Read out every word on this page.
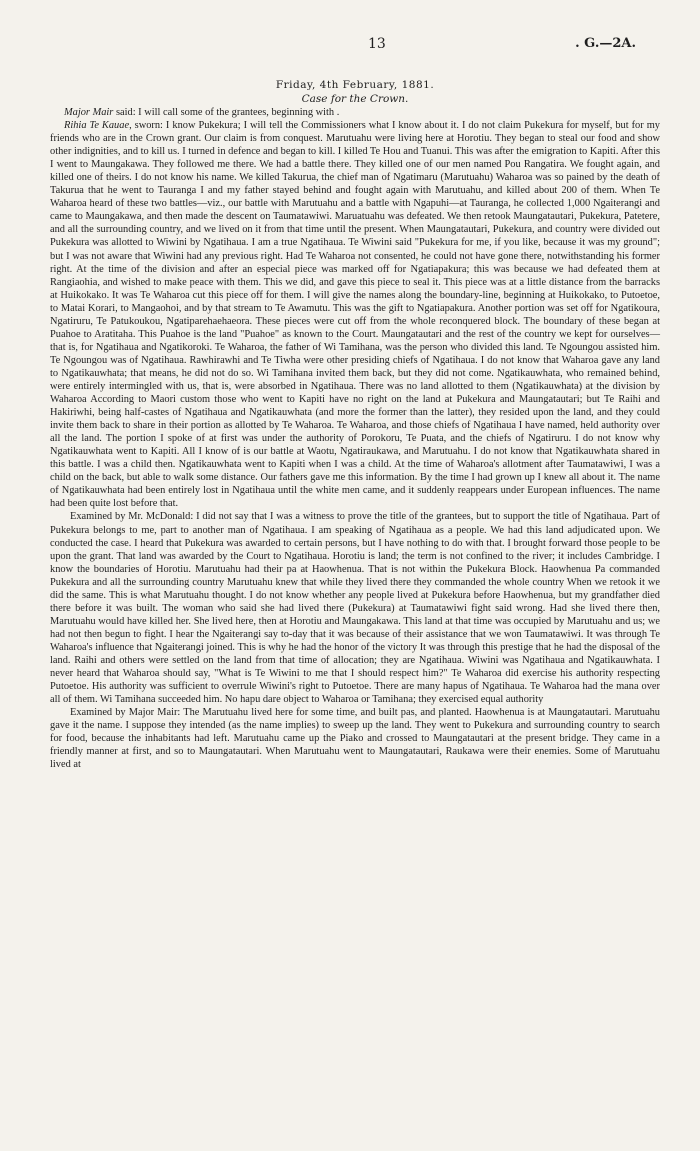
13	. G.—2A.
Friday, 4th February, 1881.
Case for the Crown.

Major Mair said: I will call some of the grantees, beginning with .

Rihia Te Kauae, sworn: I know Pukekura; I will tell the Commissioners what I know about it. I do not claim Pukekura for myself, but for my friends who are in the Crown grant. Our claim is from conquest. Marutuahu were living here at Horotiu. They began to steal our food and show other indignities, and to kill us. I turned in defence and began to kill. I killed Te Hou and Tuanui. This was after the emigration to Kapiti. After this I went to Maungakawa. They followed me there. We had a battle there. They killed one of our men named Pou Rangatira. We fought again, and killed one of theirs. I do not know his name. We killed Takurua, the chief man of Ngatimaru (Marutuahu) Waharoa was so pained by the death of Takurua that he went to Tauranga I and my father stayed behind and fought again with Marutuahu, and killed about 200 of them. When Te Waharoa heard of these two battles—viz., our battle with Marutuahu and a battle with Ngapuhi—at Tauranga, he collected 1,000 Ngaiterangi and came to Maungakawa, and then made the descent on Taumatawiwi. Maruatuahu was defeated. We then retook Maungatautari, Pukekura, Patetere, and all the surrounding country, and we lived on it from that time until the present. When Maungatautari, Pukekura, and country were divided out Pukekura was allotted to Wiwini by Ngatihaua. I am a true Ngatihaua. Te Wiwini said "Pukekura for me, if you like, because it was my ground"; but I was not aware that Wiwini had any previous right. Had Te Waharoa not consented, he could not have gone there, notwithstanding his former right. At the time of the division and after an especial piece was marked off for Ngatiapakura; this was because we had defeated them at Rangiaohia, and wished to make peace with them. This we did, and gave this piece to seal it. This piece was at a little distance from the barracks at Huikokako. It was Te Waharoa cut this piece off for them. I will give the names along the boundary-line, beginning at Huikokako, to Putoetoe, to Matai Korari, to Mangaohoi, and by that stream to Te Awamutu. This was the gift to Ngatiapakura. Another portion was set off for Ngatikoura, Ngatiruru, Te Patukoukou, Ngatiparehaehaeora. These pieces were cut off from the whole reconquered block. The boundary of these began at Puahoe to Aratitaha. This Puahoe is the land "Puahoe" as known to the Court. Maungatautari and the rest of the country we kept for ourselves—that is, for Ngatihaua and Ngatikoroki. Te Waharoa, the father of Wi Tamihana, was the person who divided this land. Te Ngoungou assisted him. Te Ngoungou was of Ngatihaua. Rawhirawhi and Te Tiwha were other presiding chiefs of Ngatihaua. I do not know that Waharoa gave any land to Ngatikauwhata; that means, he did not do so. Wi Tamihana invited them back, but they did not come. Ngatikauwhata, who remained behind, were entirely intermingled with us, that is, were absorbed in Ngatihaua. There was no land allotted to them (Ngatikauwhata) at the division by Waharoa According to Maori custom those who went to Kapiti have no right on the land at Pukekura and Maungatautari; but Te Raihi and Hakiriwhi, being half-castes of Ngatihaua and Ngatikauwhata (and more the former than the latter), they resided upon the land, and they could invite them back to share in their portion as allotted by Te Waharoa. Te Waharoa, and those chiefs of Ngatihaua I have named, held authority over all the land. The portion I spoke of at first was under the authority of Porokoru, Te Puata, and the chiefs of Ngatiruru. I do not know why Ngatikauwhata went to Kapiti. All I know of is our battle at Waotu, Ngatiraukawa, and Marutuahu. I do not know that Ngatikauwhata shared in this battle. I was a child then. Ngatikauwhata went to Kapiti when I was a child. At the time of Waharoa's allotment after Taumatawiwi, I was a child on the back, but able to walk some distance. Our fathers gave me this information. By the time I had grown up I knew all about it. The name of Ngatikauwhata had been entirely lost in Ngatihaua until the white men came, and it suddenly reappears under European influences. The name had been quite lost before that.

Examined by Mr. McDonald: I did not say that I was a witness to prove the title of the grantees, but to support the title of Ngatihaua. Part of Pukekura belongs to me, part to another man of Ngatihaua. I am speaking of Ngatihaua as a people. We had this land adjudicated upon. We conducted the case. I heard that Pukekura was awarded to certain persons, but I have nothing to do with that. I brought forward those people to be upon the grant. That land was awarded by the Court to Ngatihaua. Horotiu is land; the term is not confined to the river; it includes Cambridge. I know the boundaries of Horotiu. Marutuahu had their pa at Haowhenua. That is not within the Pukekura Block. Haowhenua Pa commanded Pukekura and all the surrounding country Marutuahu knew that while they lived there they commanded the whole country When we retook it we did the same. This is what Marutuahu thought. I do not know whether any people lived at Pukekura before Haowhenua, but my grandfather died there before it was built. The woman who said she had lived there (Pukekura) at Taumatawiwi fight said wrong. Had she lived there then, Marutuahu would have killed her. She lived here, then at Horotiu and Maungakawa. This land at that time was occupied by Marutuahu and us; we had not then begun to fight. I hear the Ngaiterangi say to-day that it was because of their assistance that we won Taumatawiwi. It was through Te Waharoa's influence that Ngaiterangi joined. This is why he had the honor of the victory It was through this prestige that he had the disposal of the land. Raihi and others were settled on the land from that time of allocation; they are Ngatihaua. Wiwini was Ngatihaua and Ngatikauwhata. I never heard that Waharoa should say, "What is Te Wiwini to me that I should respect him?" Te Waharoa did exercise his authority respecting Putoetoe. His authority was sufficient to overrule Wiwini's right to Putoetoe. There are many hapus of Ngatihaua. Te Waharoa had the mana over all of them. Wi Tamihana succeeded him. No hapu dare object to Waharoa or Tamihana; they exercised equal authority

Examined by Major Mair: The Marutuahu lived here for some time, and built pas, and planted. Haowhenua is at Maungatautari. Marutuahu gave it the name. I suppose they intended (as the name implies) to sweep up the land. They went to Pukekura and surrounding country to search for food, because the inhabitants had left. Marutuahu came up the Piako and crossed to Maungatautari at the present bridge. They came in a friendly manner at first, and so to Maungatautari. When Marutuahu went to Maungatautari, Raukawa were their enemies. Some of Marutuahu lived at
